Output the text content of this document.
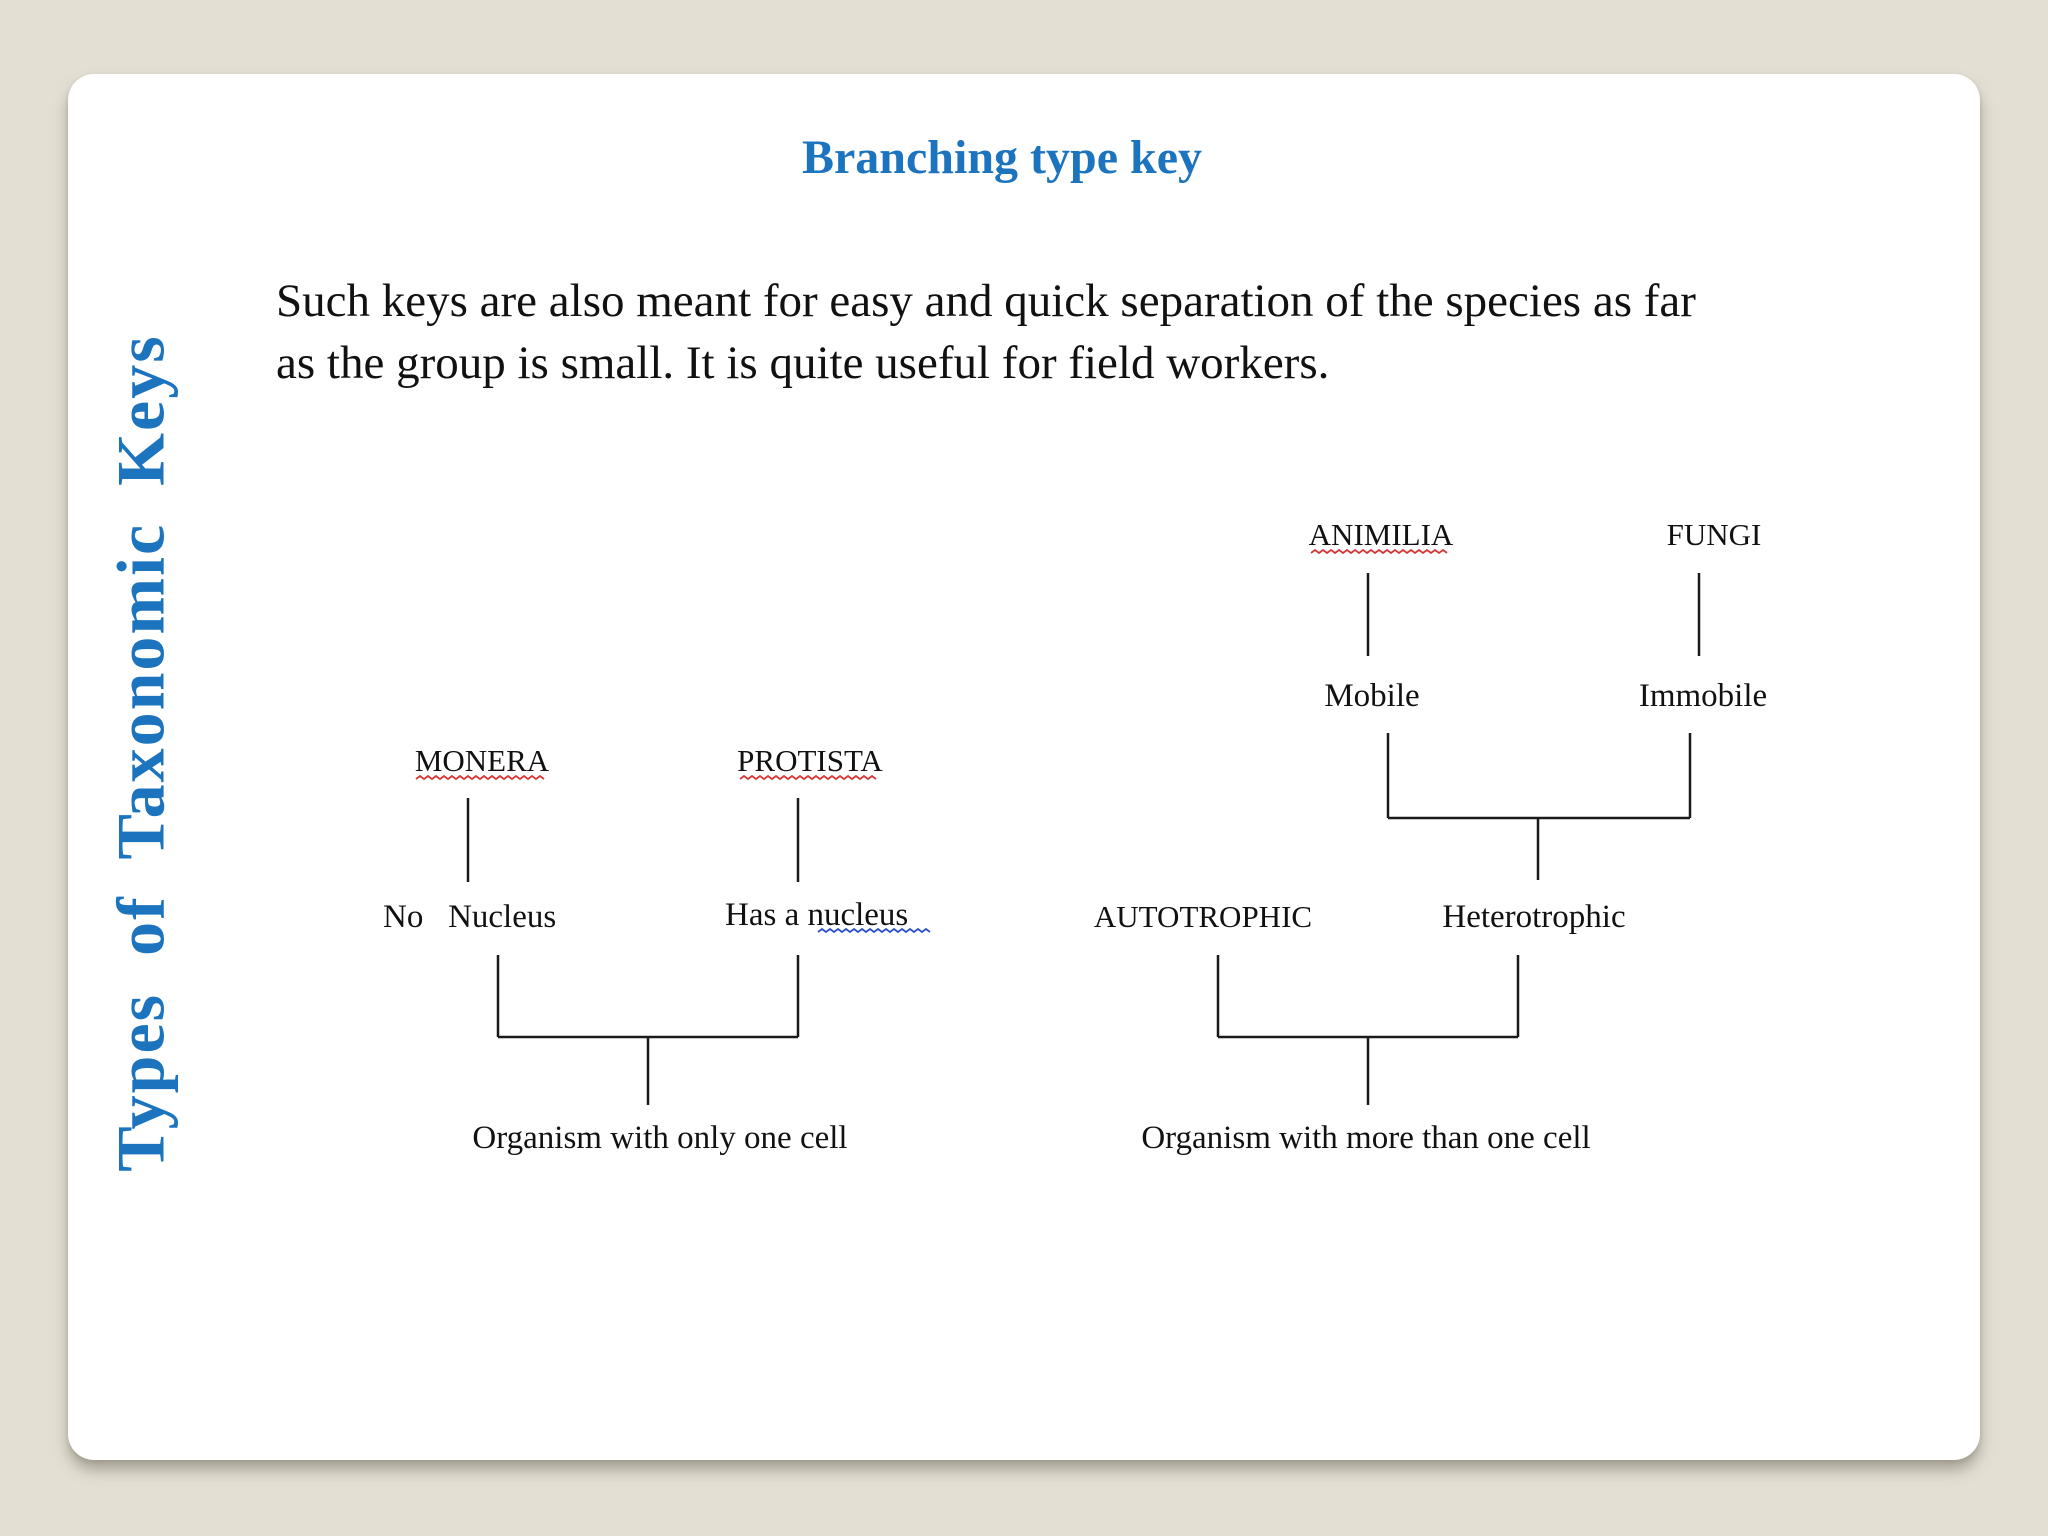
Types of Taxonomic Keys
Branching type key
Such keys are also meant for easy and quick separation of the species as far
as the group is small. It is quite useful for field workers.
MONERA	PROTISTA
No   Nucleus	Has a nucleus
Organism with only one cell
ANIMILIA	FUNGI
Mobile	Immobile
AUTOTROPHIC	Heterotrophic
Organism with more than one cell
